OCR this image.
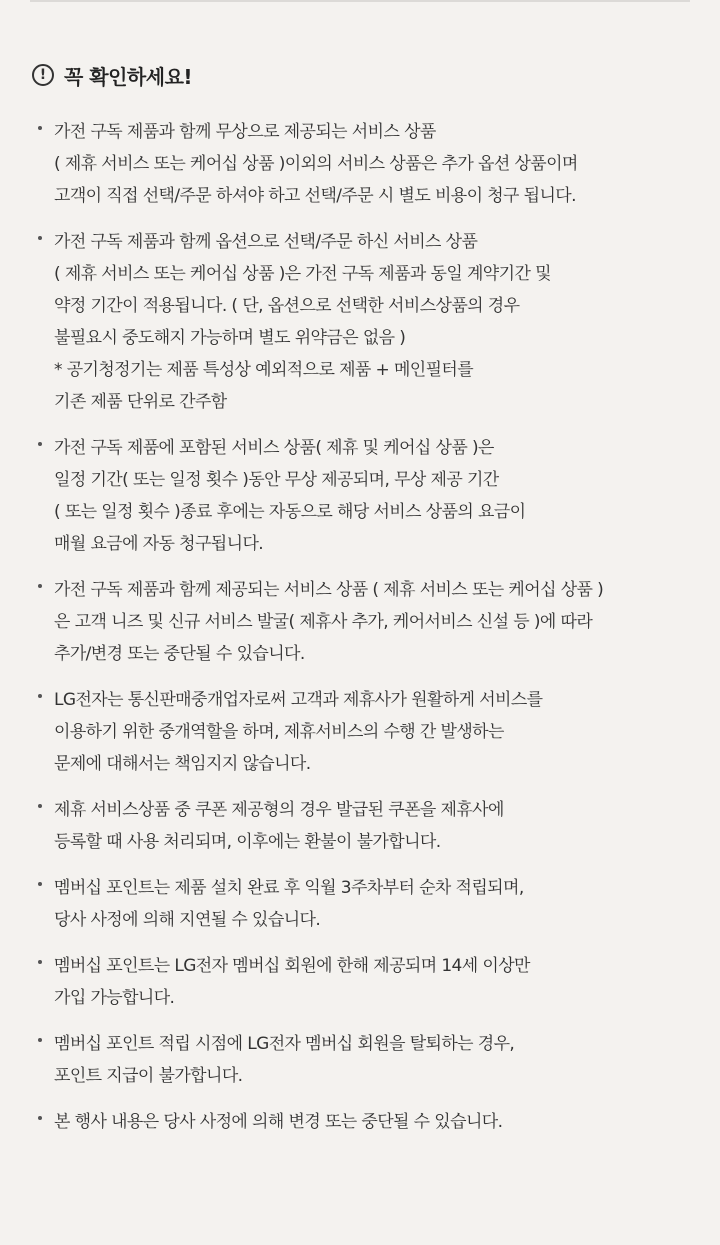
! 꼭 확인하세요!
가전 구독 제품과 함께 무상으로 제공되는 서비스 상품
( 제휴 서비스 또는 케어십 상품 )이외의 서비스 상품은 추가 옵션 상품이며
고객이 직접 선택/주문 하셔야 하고 선택/주문 시 별도 비용이 청구 됩니다.
가전 구독 제품과 함께 옵션으로 선택/주문 하신 서비스 상품
( 제휴 서비스 또는 케어십 상품 )은 가전 구독 제품과 동일 계약기간 및
약정 기간이 적용됩니다. ( 단, 옵션으로 선택한 서비스상품의 경우
불필요시 중도해지 가능하며 별도 위약금은 없음 )
* 공기청정기는 제품 특성상 예외적으로 제품 + 메인필터를
기존 제품 단위로 간주함
가전 구독 제품에 포함된 서비스 상품( 제휴 및 케어십 상품 )은
일정 기간( 또는 일정 횟수 )동안 무상 제공되며, 무상 제공 기간
( 또는 일정 횟수 )종료 후에는 자동으로 해당 서비스 상품의 요금이
매월 요금에 자동 청구됩니다.
가전 구독 제품과 함께 제공되는 서비스 상품 ( 제휴 서비스 또는 케어십 상품 )
은 고객 니즈 및 신규 서비스 발굴( 제휴사 추가, 케어서비스 신설 등 )에 따라
추가/변경 또는 중단될 수 있습니다.
LG전자는 통신판매중개업자로써 고객과 제휴사가 원활하게 서비스를
이용하기 위한 중개역할을 하며, 제휴서비스의 수행 간 발생하는
문제에 대해서는 책임지지 않습니다.
제휴 서비스상품 중 쿠폰 제공형의 경우 발급된 쿠폰을 제휴사에
등록할 때 사용 처리되며, 이후에는 환불이 불가합니다.
멤버십 포인트는 제품 설치 완료 후 익월 3주차부터 순차 적립되며,
당사 사정에 의해 지연될 수 있습니다.
멤버십 포인트는 LG전자 멤버십 회원에 한해 제공되며 14세 이상만
가입 가능합니다.
멤버십 포인트 적립 시점에 LG전자 멤버십 회원을 탈퇴하는 경우,
포인트 지급이 불가합니다.
본 행사 내용은 당사 사정에 의해 변경 또는 중단될 수 있습니다.
